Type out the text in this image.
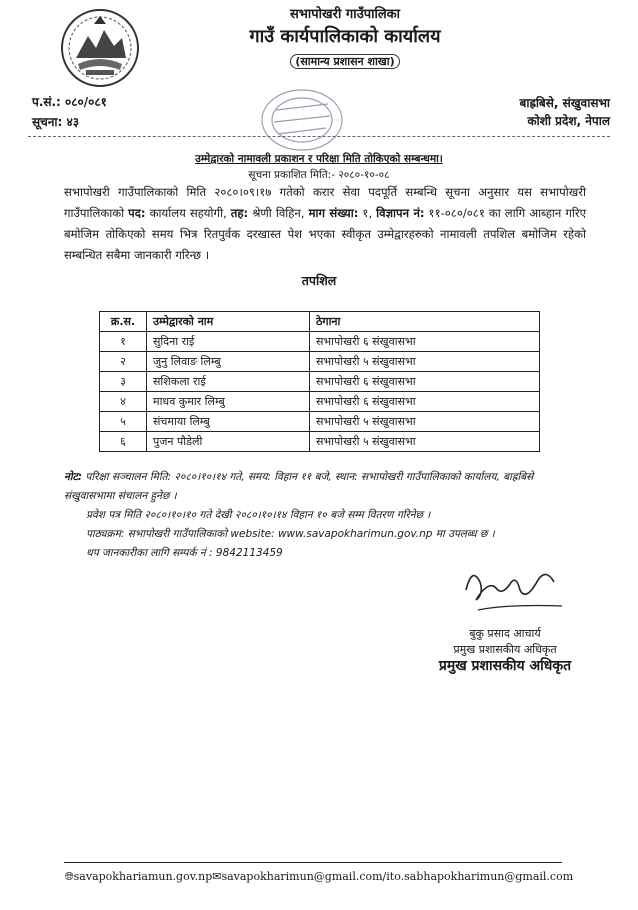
सभापोखरी गाउँपालिका
गाउँ कार्यपालिकाको कार्यालय
(सामान्य प्रशासन शाखा)
प.सं.: ०८०/०८१
सूचना: ४३
बाह्रबिसे, संखुवासभा
कोशी प्रदेश, नेपाल
उम्मेद्वारको नामावली प्रकाशन र परिक्षा मिति तोकिएको सम्बन्धमा।
सूचना प्रकाशित मिति:- २०८०-१०-०८
सभापोखरी गाउँपालिकाको मिति २०८०।०९।१७ गतेको करार सेवा पदपूर्ति सम्बन्धि सूचना अनुसार यस सभापोखरी गाउँपालिकाको पद: कार्यालय सहयोगी, तह: श्रेणी विहिन, माग संख्या: १, विज्ञापन नं: ११-०८०/०८१ का लागि आब्हान गरिए बमोजिम तोकिएको समय भित्र रितपुर्वक दरखास्त पेश भएका स्वीकृत उम्मेद्वारहरुको नामावली तपशिल बमोजिम रहेको सम्बन्धित सबैमा जानकारी गरिन्छ ।
तपशिल
क्र.स.	उम्मेद्वारको नाम	ठेगाना
१	सुदिना राई	सभापोखरी ६ संखुवासभा
२	जुनु लिवाङ लिम्बु	सभापोखरी ५ संखुवासभा
३	सशिकला राई	सभापोखरी ६ संखुवासभा
४	माधव कुमार लिम्बु	सभापोखरी ६ संखुवासभा
५	संचमाया लिम्बु	सभापोखरी ५ संखुवासभा
६	पुजन पौडेली	सभापोखरी ५ संखुवासभा
नोट: परिक्षा सञ्चालन मिति: २०८०।१०।१४ गते, समय: विहान ११ बजे, स्थान: सभापोखरी गाउँपालिकाको कार्यालय, बाह्रबिसे संखुवासभामा संचालन हुनेछ ।
प्रवेश पत्र मिति २०८०।१०।१० गते देखी २०८०।१०।१४ विहान १० बजे सम्म वितरण गरिनेछ ।
पाठ्यक्रम: सभापोखरी गाउँपालिकाको website: www.savapokharimun.gov.np मा उपलब्ध छ ।
थप जानकारीका लागि सम्पर्क नं : 9842113459
बुकु प्रसाद आचार्य
प्रमुख प्रशासकीय अधिकृत
प्रमुख प्रशासकीय अधिकृत
🌐︎savapokhariamun.gov.np✉savapokharimun@gmail.com/ito.sabhapokharimun@gmail.com
